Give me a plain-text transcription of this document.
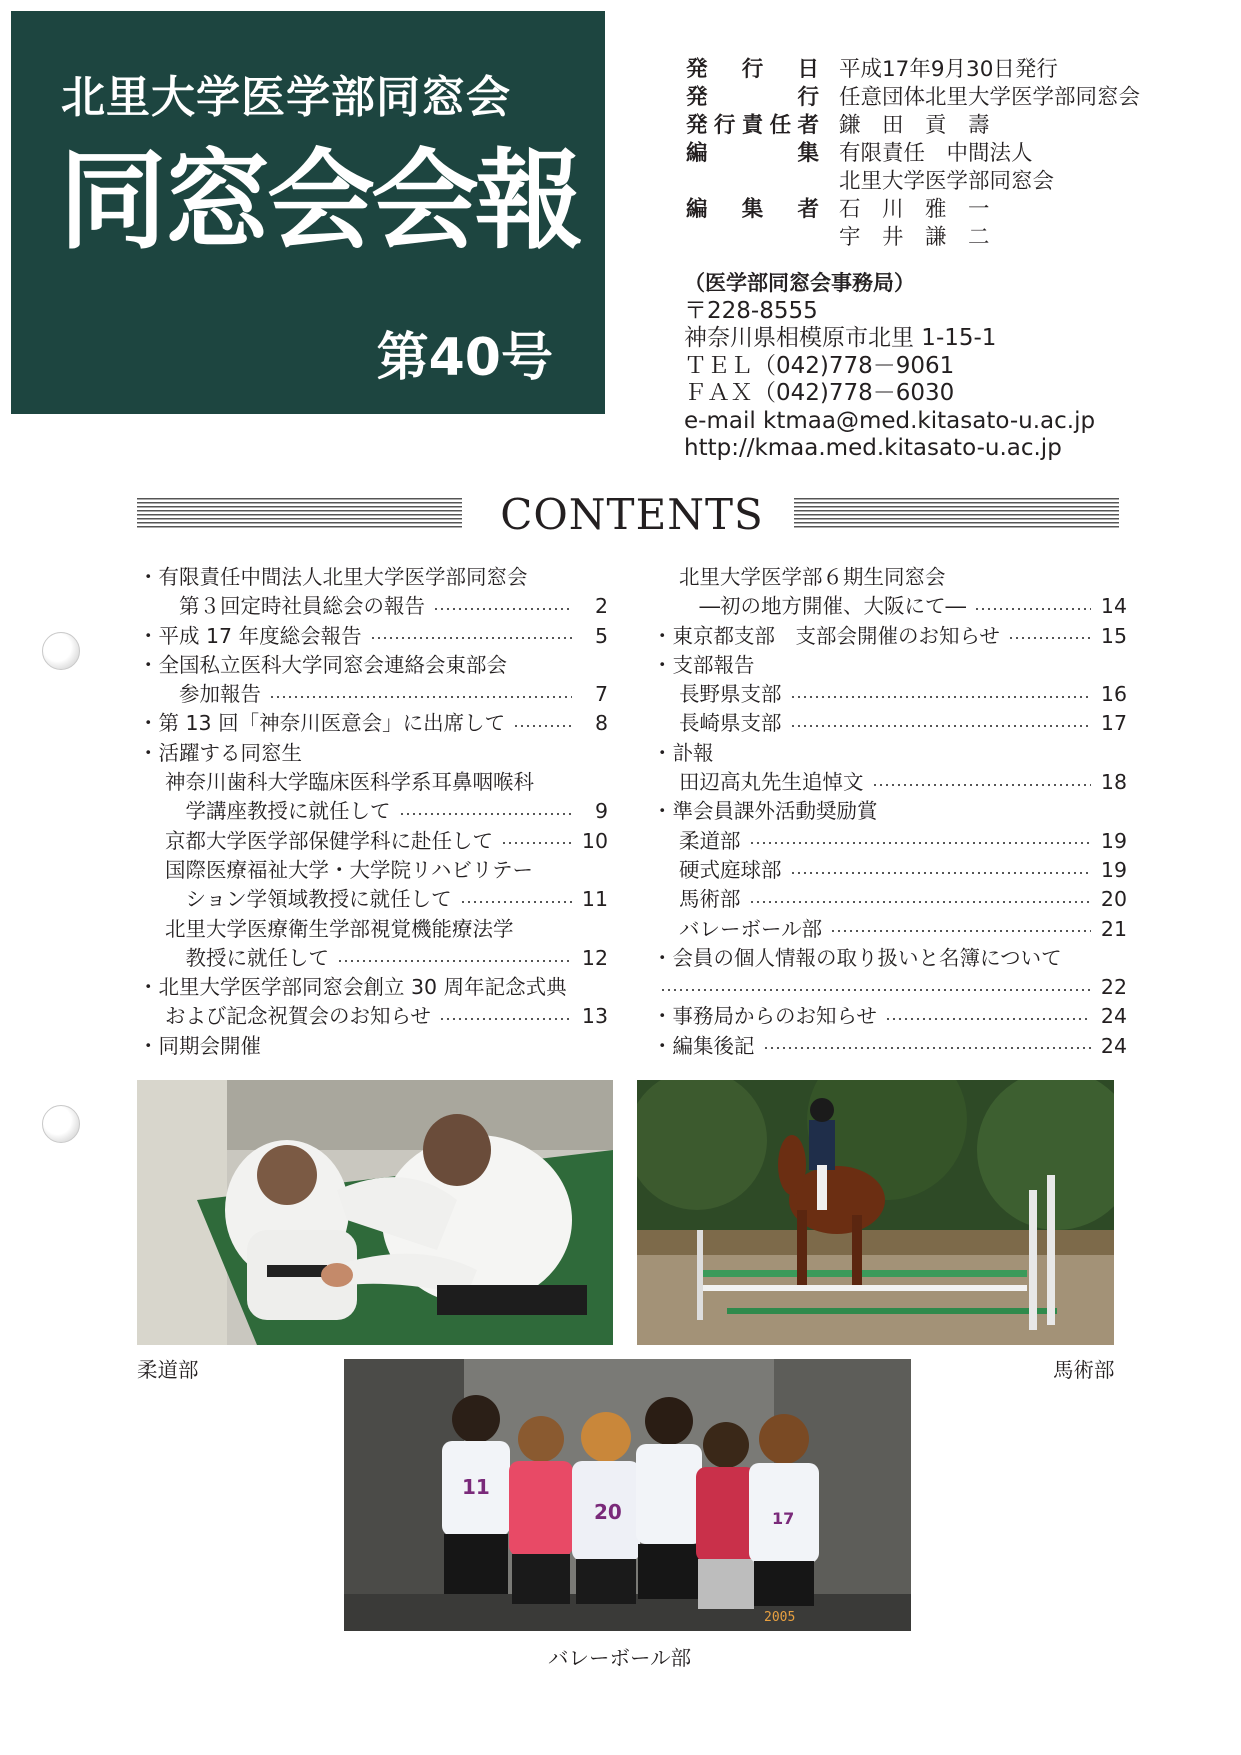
北里大学医学部同窓会
同窓会会報
第40号
発 行 日 平成17年9月30日発行
発 行 任意団体北里大学医学部同窓会
発行責任者 鎌　田　貢　壽
編 集 有限責任　中間法人
北里大学医学部同窓会
編 集 者 石　川　雅　一
宇　井　謙　二
（医学部同窓会事務局）
〒228-8555
神奈川県相模原市北里 1-15-1
ＴＥＬ（042)778－9061
ＦＡＸ（042)778－6030
e-mail ktmaa@med.kitasato-u.ac.jp
http://kmaa.med.kitasato-u.ac.jp
CONTENTS
・有限責任中間法人北里大学医学部同窓会
　　第３回定時社員総会の報告	2
・平成 17 年度総会報告	5
・全国私立医科大学同窓会連絡会東部会
　　参加報告	7
・第 13 回「神奈川医意会」に出席して	8
・活躍する同窓生
　 神奈川歯科大学臨床医科学系耳鼻咽喉科
　　 学講座教授に就任して	9
　 京都大学医学部保健学科に赴任して	10
　 国際医療福祉大学・大学院リハビリテー
　　 ション学領域教授に就任して	11
　 北里大学医療衛生学部視覚機能療法学
　　 教授に就任して	12
・北里大学医学部同窓会創立 30 周年記念式典
　 および記念祝賀会のお知らせ	13
・同期会開催
　 北里大学医学部６期生同窓会
　　 ―初の地方開催、大阪にて―	14
・東京都支部　支部会開催のお知らせ	15
・支部報告
　 長野県支部	16
　 長崎県支部	17
・訃報
　 田辺高丸先生追悼文	18
・準会員課外活動奨励賞
　 柔道部	19
　 硬式庭球部	19
　 馬術部	20
　 バレーボール部	21
・会員の個人情報の取り扱いと名簿について
22
・事務局からのお知らせ	24
・編集後記	24
柔道部	馬術部
11
20	17
2005
バレーボール部
